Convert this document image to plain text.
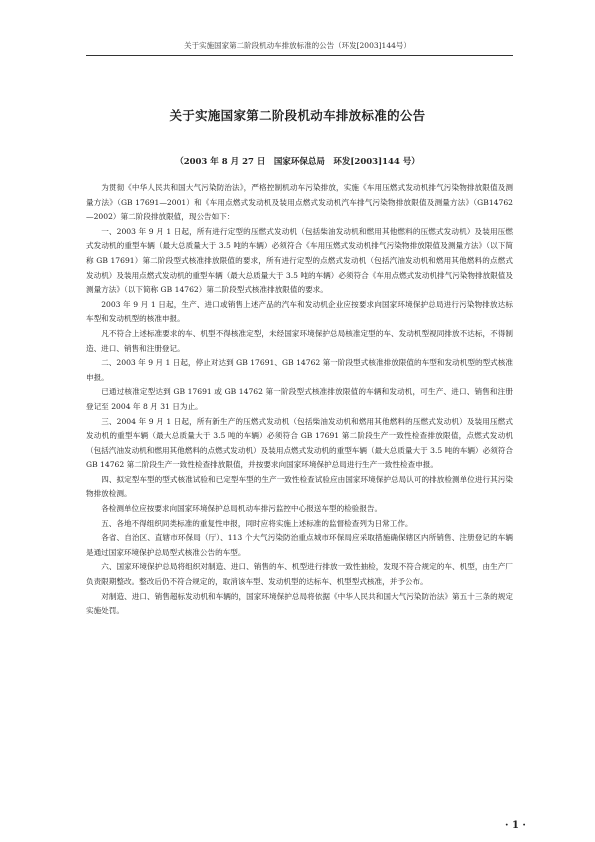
关于实施国家第二阶段机动车排放标准的公告（环发[2003]144号）
关于实施国家第二阶段机动车排放标准的公告
（2003 年 8 月 27 日　国家环保总局　环发[2003]144 号）

为贯彻《中华人民共和国大气污染防治法》，严格控制机动车污染排放，实施《车用压燃式发动机排气污染物排放限值及测量方法》（GB 17691—2001）和《车用点燃式发动机及装用点燃式发动机汽车排气污染物排放限值及测量方法》（GB14762—2002）第二阶段排放限值，现公告如下：

一、2003 年 9 月 1 日起，所有进行定型的压燃式发动机（包括柴油发动机和燃用其他燃料的压燃式发动机）及装用压燃式发动机的重型车辆（最大总质量大于 3.5 吨的车辆）必须符合《车用压燃式发动机排气污染物排放限值及测量方法》（以下简称 GB 17691）第二阶段型式核准排放限值的要求，所有进行定型的点燃式发动机（包括汽油发动机和燃用其他燃料的点燃式发动机）及装用点燃式发动机的重型车辆（最大总质量大于 3.5 吨的车辆）必须符合《车用点燃式发动机排气污染物排放限值及测量方法》（以下简称 GB 14762）第二阶段型式核准排放限值的要求。

2003 年 9 月 1 日起，生产、进口或销售上述产品的汽车和发动机企业应按要求向国家环境保护总局进行污染物排放达标车型和发动机型的核准申报。

凡不符合上述标准要求的车、机型不得核准定型，未经国家环境保护总局核准定型的车、发动机型视同排放不达标，不得制造、进口、销售和注册登记。

二、2003 年 9 月 1 日起，停止对达到 GB 17691、GB 14762 第一阶段型式核准排放限值的车型和发动机型的型式核准申报。

已通过核准定型达到 GB 17691 或 GB 14762 第一阶段型式核准排放限值的车辆和发动机，可生产、进口、销售和注册登记至 2004 年 8 月 31 日为止。

三、2004 年 9 月 1 日起，所有新生产的压燃式发动机（包括柴油发动机和燃用其他燃料的压燃式发动机）及装用压燃式发动机的重型车辆（最大总质量大于 3.5 吨的车辆）必须符合 GB 17691 第二阶段生产一致性检查排放限值，点燃式发动机（包括汽油发动机和燃用其他燃料的点燃式发动机）及装用点燃式发动机的重型车辆（最大总质量大于 3.5 吨的车辆）必须符合 GB 14762 第二阶段生产一致性检查排放限值，并按要求向国家环境保护总局进行生产一致性检查申报。

四、拟定型车型的型式核准试验和已定型车型的生产一致性检查试验应由国家环境保护总局认可的排放检测单位进行其污染物排放检测。

各检测单位应按要求向国家环境保护总局机动车排污监控中心报送车型的检验报告。

五、各地不得组织同类标准的重复性申报，同时应将实施上述标准的监督检查列为日常工作。

各省、自治区、直辖市环保局（厅）、113 个大气污染防治重点城市环保局应采取措施确保辖区内所销售、注册登记的车辆是通过国家环境保护总局型式核准公告的车型。

六、国家环境保护总局将组织对制造、进口、销售的车、机型进行排放一致性抽检，发现不符合规定的车、机型，由生产厂负责限期整改。整改后仍不符合规定的，取消该车型、发动机型的达标车、机型型式核准，并予公布。

对制造、进口、销售超标发动机和车辆的，国家环境保护总局将依据《中华人民共和国大气污染防治法》第五十三条的规定实施处罚。

· 1 ·
